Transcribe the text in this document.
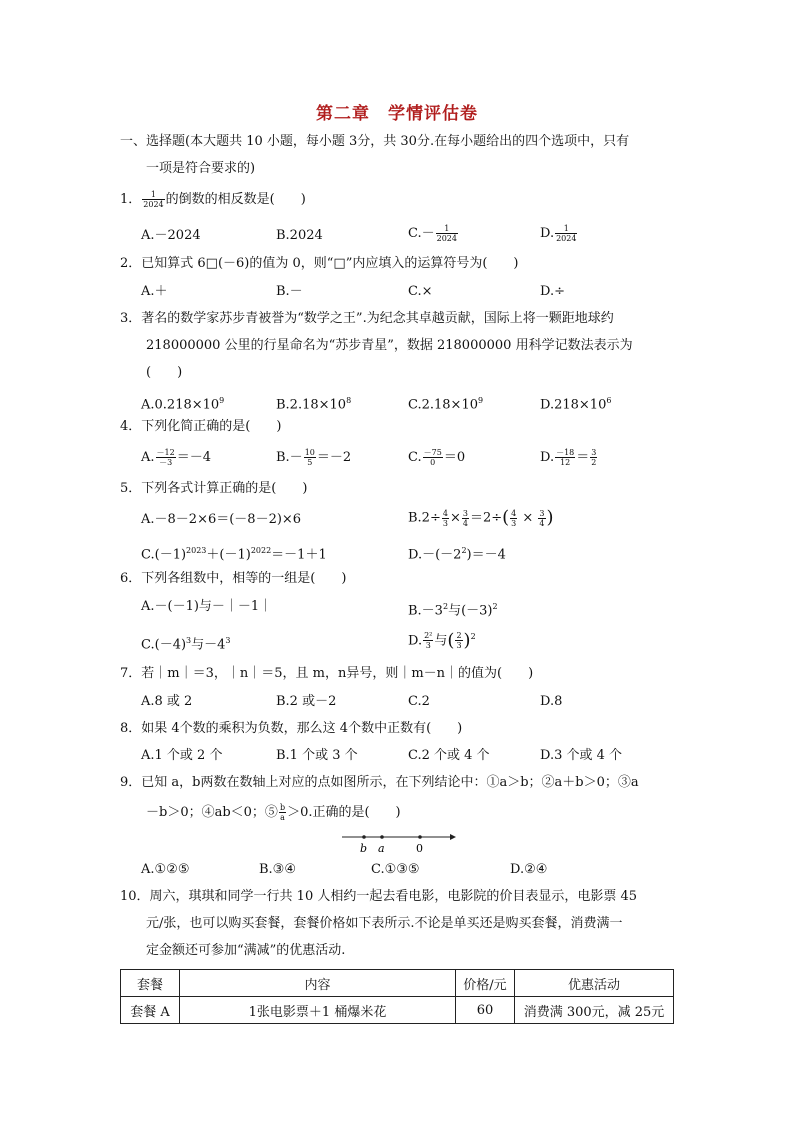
第二章　学情评估卷
一、选择题(本大题共 10 小题，每小题 3分，共 30分.在每小题给出的四个选项中，只有
一项是符合要求的)
1． $\frac{1}{2024}$ 的倒数的相反数是(　　)
A.－2024	B.2024	$C.- \frac{1}{2024}$	D. $\frac{1}{2024}$
2．已知算式 6□(－6)的值为 0，则“□”内应填入的运算符号为(　　)
A.＋	B.－	C.×	D.÷
3．著名的数学家苏步青被誉为“数学之王”.为纪念其卓越贡献，国际上将一颗距地球约
218000000 公里的行星命名为“苏步青星”，数据 218000000 用科学记数法表示为
(　　)
$A.0.218\times 10^9$	$B.2.18\times 10^8$	$C.2.18\times 10^9$	$D.218\times 10^6$
4．下列化简正确的是(　　)
A. $\frac{-12}{-3} =-4$	$B.- \frac{10}{5} =-2$	C. $\frac{-75}{0} =0$	D. $\frac{-18}{12} = \frac{3}{2}$
5．下列各式计算正确的是(　　)
A.－8－2×6＝(－8－2)×6	$B.2\div \frac{4}{3} \times \frac{3}{4} =2\div( \frac{4}{3} \times \frac{3}{4}$ )
$C.(-1)^{2023}+(-1)^{2022}=-1+1$	$D.-(-2^2)=-4$
6．下列各组数中，相等的一组是(　　)
A.－(－1)与－｜－1｜	$B.-3^2$与$(-3)^2$
$C.(-4)^3$与$-4^3$	D. $\frac{\text{2²}}{3}$ 与( $\frac{2}{3} )^2$
7．若｜m｜＝3，｜n｜＝5，且 m，n异号，则｜m－n｜的值为(　　)
A.8 或 2	B.2 或－2	C.2	D.8
8．如果 4个数的乘积为负数，那么这 4个数中正数有(　　)
A.1 个或 2 个	B.1 个或 3 个	C.2 个或 4 个	D.3 个或 4 个
9．已知 a，b两数在数轴上对应的点如图所示，在下列结论中：①a＞b；②a＋b＞0；③a
－b＞0；④ab＜0；⑤ $\frac{b}{a} >0$.正确的是(　　)
b a	0
A.①②⑤	B.③④	C.①③⑤	D.②④
10．周六，琪琪和同学一行共 10 人相约一起去看电影，电影院的价目表显示，电影票 45
元/张，也可以购买套餐，套餐价格如下表所示.不论是单买还是购买套餐，消费满一
定金额还可参加“满减”的优惠活动.
套餐	内容	价格/元	优惠活动
套餐 A	1张电影票＋1 桶爆米花	60	消费满 300元，减 25元
